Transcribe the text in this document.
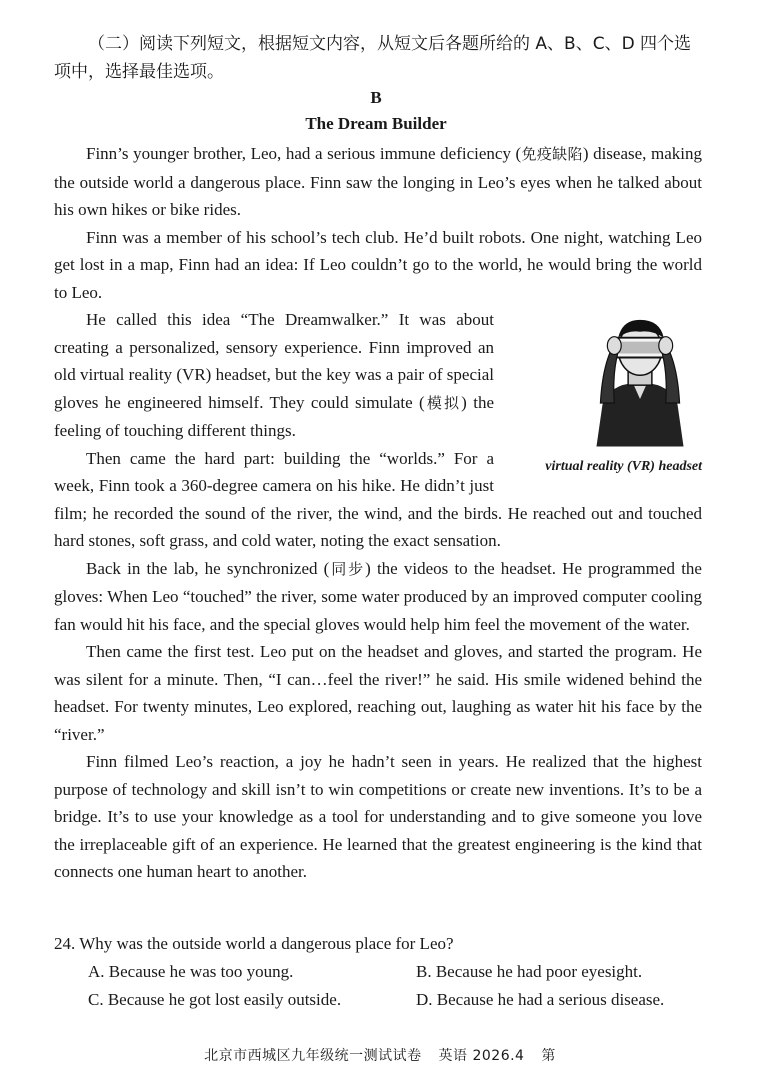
（二）阅读下列短文，根据短文内容，从短文后各题所给的 A、B、C、D 四个选项中，选择最佳选项。
B
The Dream Builder

Finn’s younger brother, Leo, had a serious immune deficiency (免疫缺陷) disease, making the outside world a dangerous place. Finn saw the longing in Leo’s eyes when he talked about his own hikes or bike rides.

Finn was a member of his school’s tech club. He’d built robots. One night, watching Leo get lost in a map, Finn had an idea: If Leo couldn’t go to the world, he would bring the world to Leo.

virtual reality (VR) headset
He called this idea “The Dreamwalker.” It was about creating a personalized, sensory experience. Finn improved an old virtual reality (VR) headset, but the key was a pair of special gloves he engineered himself. They could simulate (模拟) the feeling of touching different things.

Then came the hard part: building the “worlds.” For a week, Finn took a 360-degree camera on his hike. He didn’t just film; he recorded the sound of the river, the wind, and the birds. He reached out and touched hard stones, soft grass, and cold water, noting the exact sensation.

Back in the lab, he synchronized (同步) the videos to the headset. He programmed the gloves: When Leo “touched” the river, some water produced by an improved computer cooling fan would hit his face, and the special gloves would help him feel the movement of the water.

Then came the first test. Leo put on the headset and gloves, and started the program. He was silent for a minute. Then, “I can…feel the river!” he said. His smile widened behind the headset. For twenty minutes, Leo explored, reaching out, laughing as water hit his face by the “river.”

Finn filmed Leo’s reaction, a joy he hadn’t seen in years. He realized that the highest purpose of technology and skill isn’t to win competitions or create new inventions. It’s to be a bridge. It’s to use your knowledge as a tool for understanding and to give someone you love the irreplaceable gift of an experience. He learned that the greatest engineering is the kind that connects one human heart to another.

24. Why was the outside world a dangerous place for Leo?
A. Because he was too young.	B. Because he had poor eyesight.
C. Because he got lost easily outside.	D. Because he had a serious disease.
北京市西城区九年级统一测试试卷 英语 2026.4 第
